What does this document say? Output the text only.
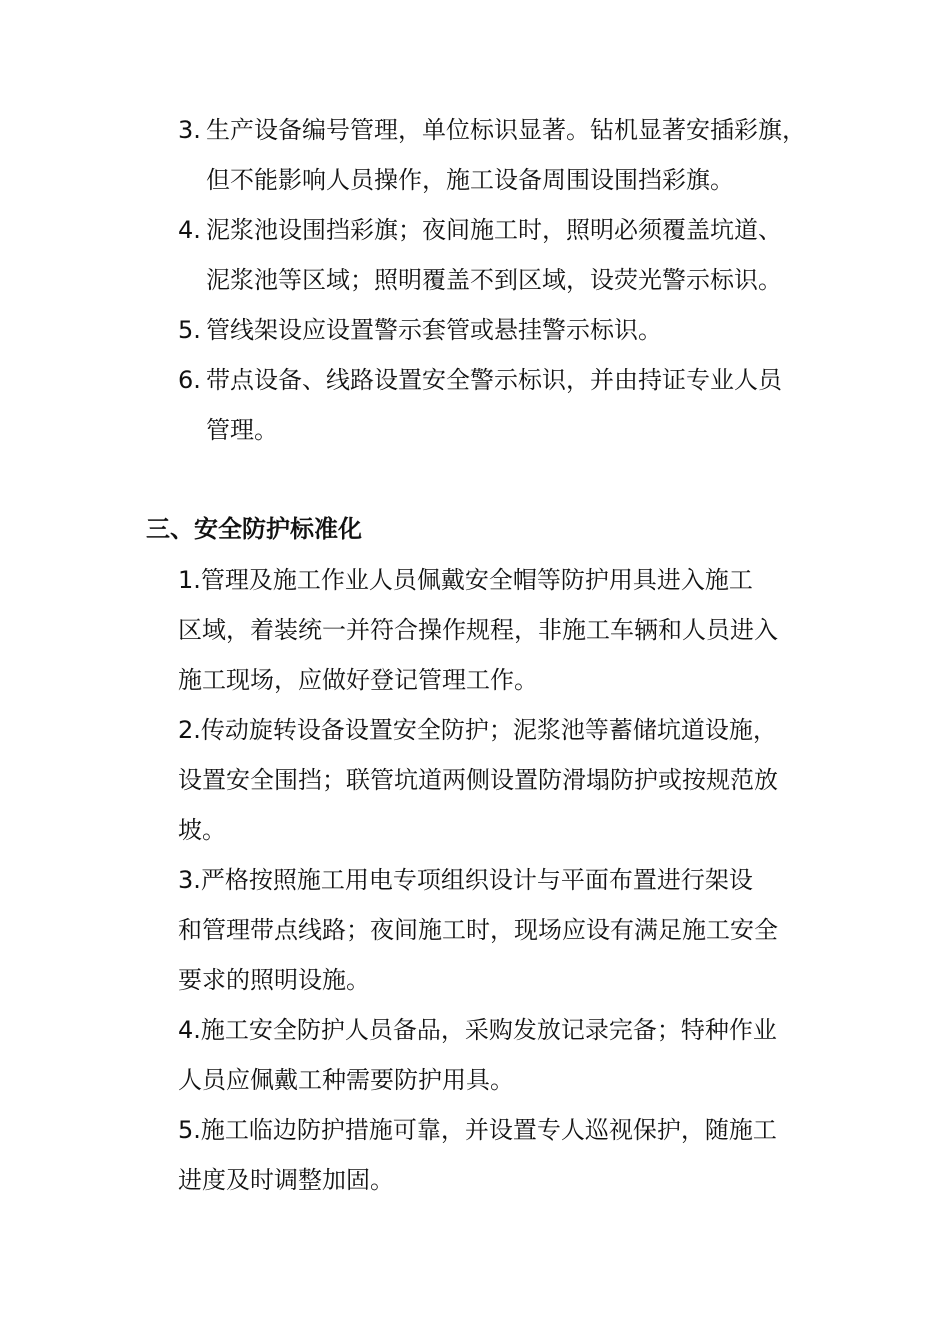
3. 生产设备编号管理，单位标识显著。钻机显著安插彩旗，
但不能影响人员操作，施工设备周围设围挡彩旗。
4. 泥浆池设围挡彩旗；夜间施工时，照明必须覆盖坑道、
泥浆池等区域；照明覆盖不到区域，设荧光警示标识。
5. 管线架设应设置警示套管或悬挂警示标识。
6. 带点设备、线路设置安全警示标识，并由持证专业人员
管理。
三、安全防护标准化
1.管理及施工作业人员佩戴安全帽等防护用具进入施工
区域，着装统一并符合操作规程，非施工车辆和人员进入
施工现场，应做好登记管理工作。
2.传动旋转设备设置安全防护；泥浆池等蓄储坑道设施，
设置安全围挡；联管坑道两侧设置防滑塌防护或按规范放
坡。
3.严格按照施工用电专项组织设计与平面布置进行架设
和管理带点线路；夜间施工时，现场应设有满足施工安全
要求的照明设施。
4.施工安全防护人员备品，采购发放记录完备；特种作业
人员应佩戴工种需要防护用具。
5.施工临边防护措施可靠，并设置专人巡视保护，随施工
进度及时调整加固。
